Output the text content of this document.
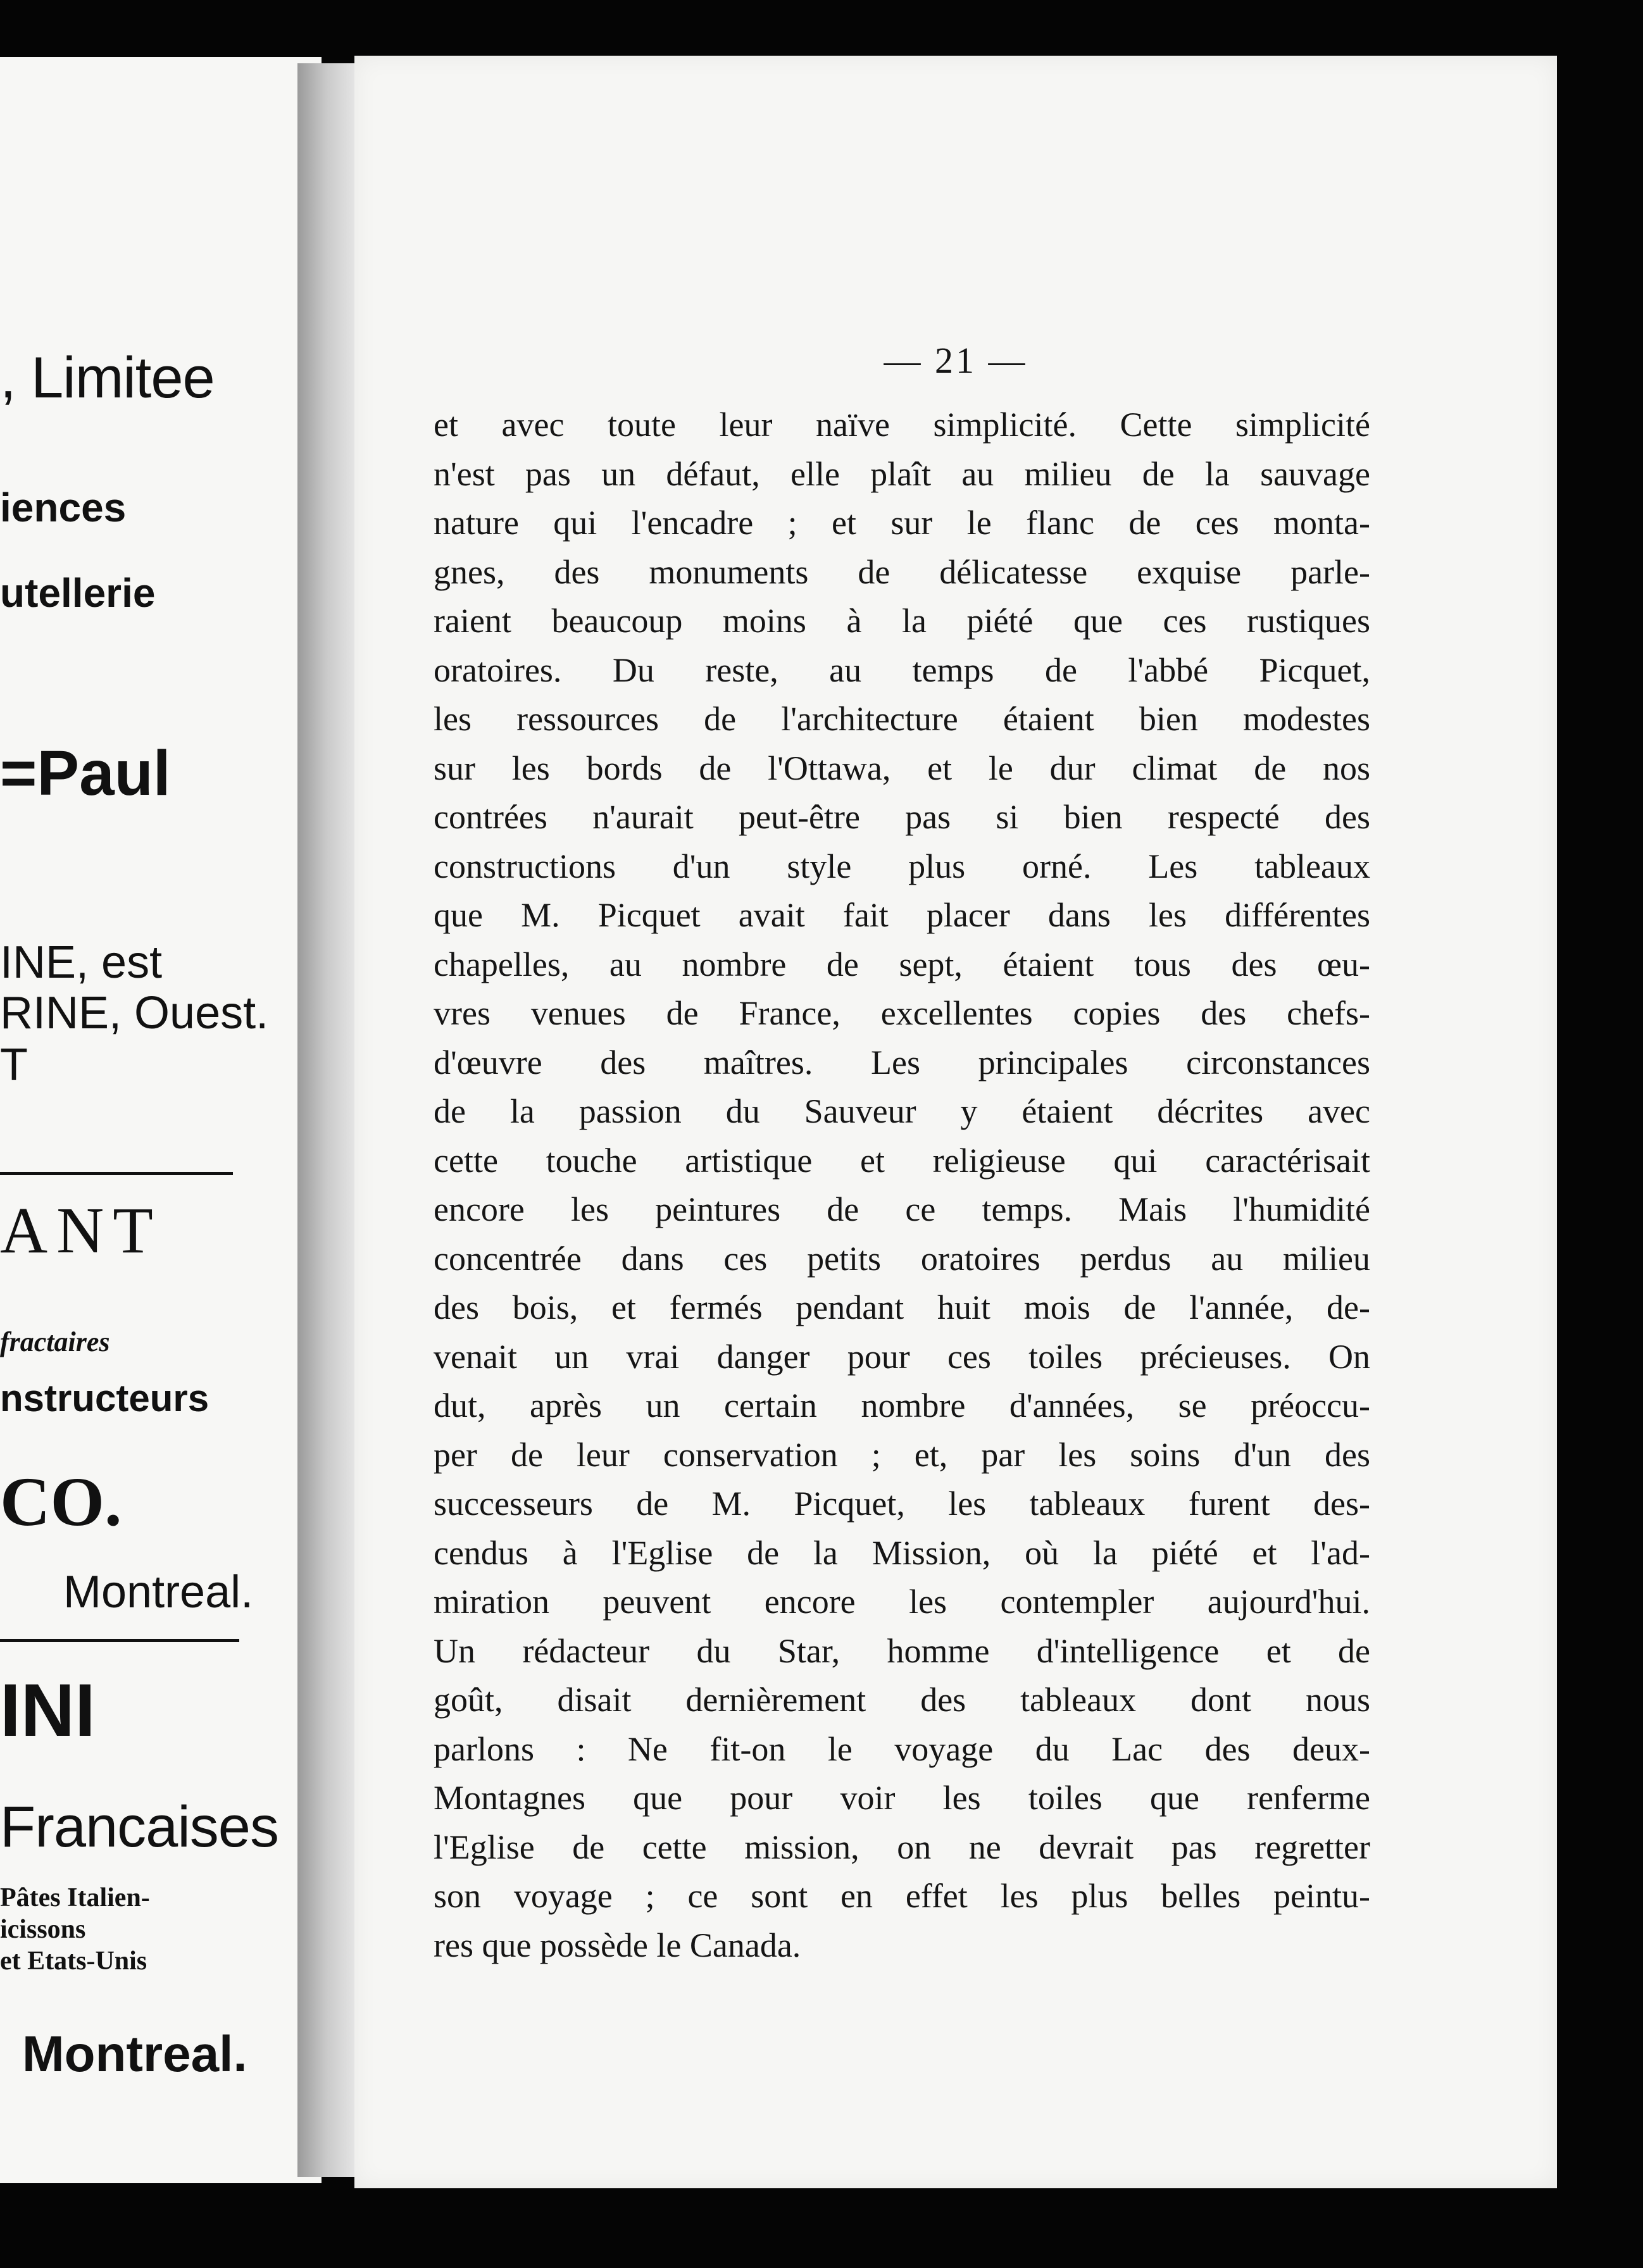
, Limitee
iences
utellerie
=Paul
INE, est
RINE, Ouest.
T
ANT
fractaires
nstructeurs
CO.
Montreal.
INI
Francaises
Pâtes Italien-
icissons
et Etats-Unis
Montreal.
— 21 —
et avec toute leur naïve simplicité. Cette simplicité
n'est pas un défaut, elle plaît au milieu de la sauvage
nature qui l'encadre ; et sur le flanc de ces monta-
gnes, des monuments de délicatesse exquise parle-
raient beaucoup moins à la piété que ces rustiques
oratoires. Du reste, au temps de l'abbé Picquet,
les ressources de l'architecture étaient bien modestes
sur les bords de l'Ottawa, et le dur climat de nos
contrées n'aurait peut-être pas si bien respecté des
constructions d'un style plus orné. Les tableaux
que M. Picquet avait fait placer dans les différentes
chapelles, au nombre de sept, étaient tous des œu-
vres venues de France, excellentes copies des chefs-
d'œuvre des maîtres. Les principales circonstances
de la passion du Sauveur y étaient décrites avec
cette touche artistique et religieuse qui caractérisait
encore les peintures de ce temps. Mais l'humidité
concentrée dans ces petits oratoires perdus au milieu
des bois, et fermés pendant huit mois de l'année, de-
venait un vrai danger pour ces toiles précieuses. On
dut, après un certain nombre d'années, se préoccu-
per de leur conservation ; et, par les soins d'un des
successeurs de M. Picquet, les tableaux furent des-
cendus à l'Eglise de la Mission, où la piété et l'ad-
miration peuvent encore les contempler aujourd'hui.
Un rédacteur du Star, homme d'intelligence et de
goût, disait dernièrement des tableaux dont nous
parlons : Ne fit-on le voyage du Lac des deux-
Montagnes que pour voir les toiles que renferme
l'Eglise de cette mission, on ne devrait pas regretter
son voyage ; ce sont en effet les plus belles peintu-
res que possède le Canada.
